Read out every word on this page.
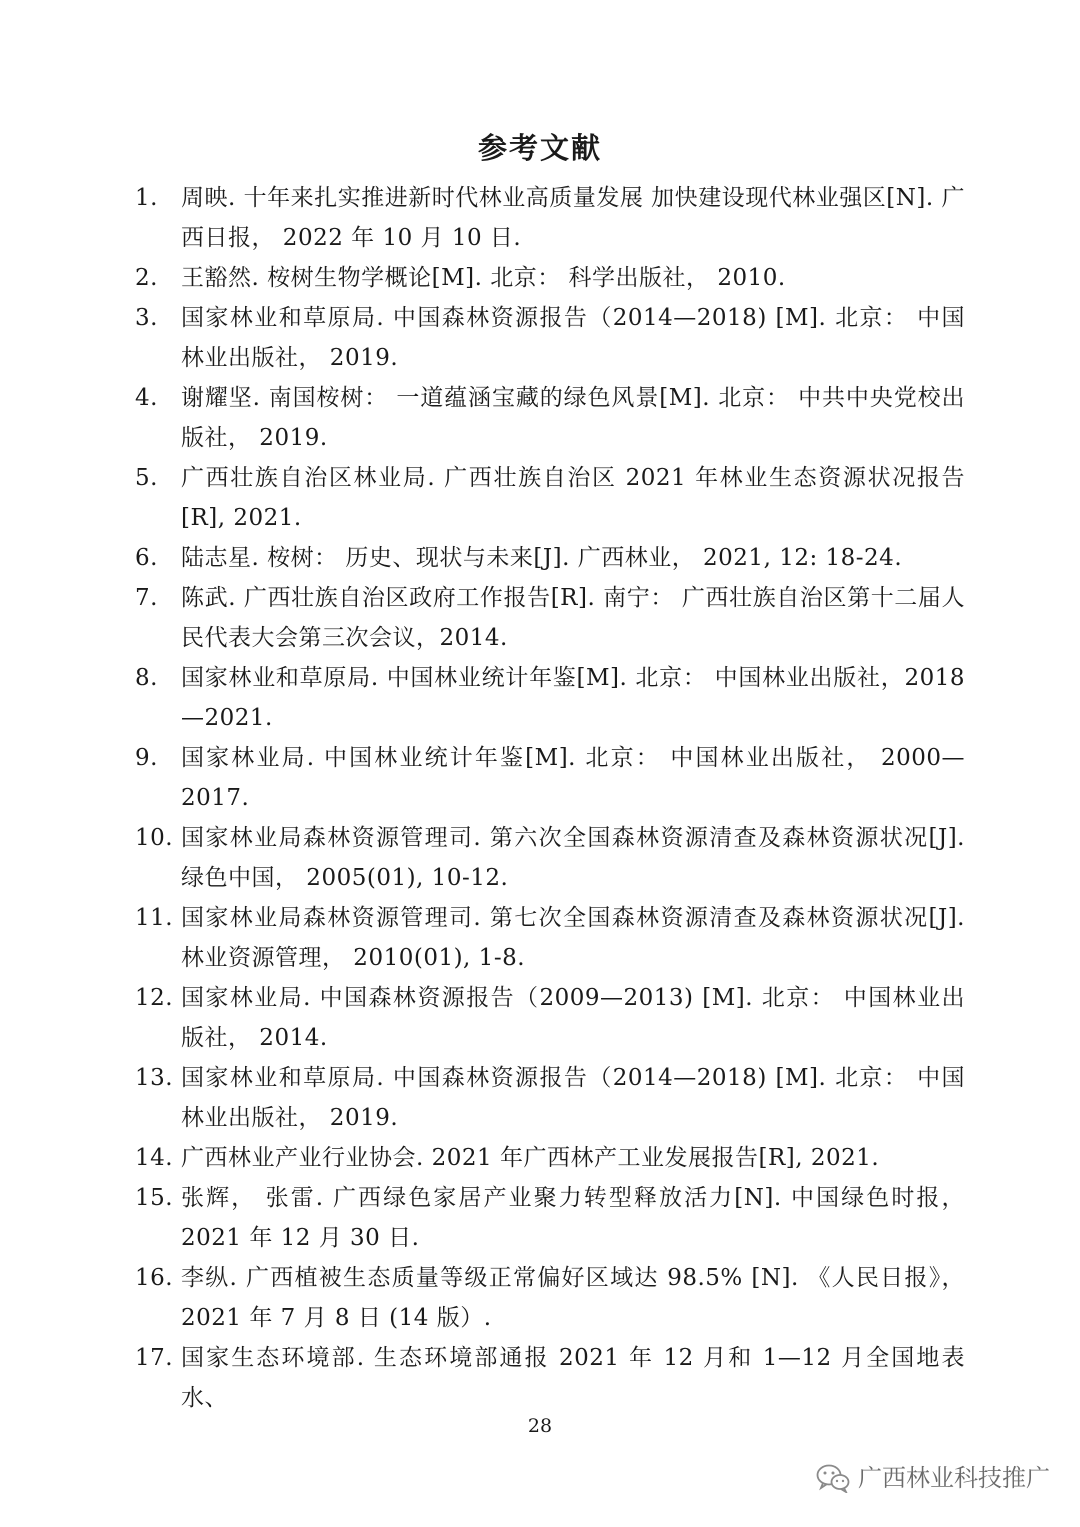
参考文献
1.	周映. 十年来扎实推进新时代林业高质量发展 加快建设现代林业强区[N]. 广西日报， 2022 年 10 月 10 日.
2.	王豁然. 桉树生物学概论[M]. 北京： 科学出版社， 2010.
3.	国家林业和草原局. 中国森林资源报告（2014—2018) [M]. 北京： 中国林业出版社， 2019.
4.	谢耀坚. 南国桉树： 一道蕴涵宝藏的绿色风景[M]. 北京： 中共中央党校出版社， 2019.
5.	广西壮族自治区林业局. 广西壮族自治区 2021 年林业生态资源状况报告[R], 2021.
6.	陆志星. 桉树： 历史、现状与未来[J]. 广西林业， 2021, 12: 18-24.
7.	陈武. 广西壮族自治区政府工作报告[R]. 南宁： 广西壮族自治区第十二届人民代表大会第三次会议，2014.
8.	国家林业和草原局. 中国林业统计年鉴[M]. 北京： 中国林业出版社，2018—2021.
9.	国家林业局. 中国林业统计年鉴[M]. 北京： 中国林业出版社， 2000—2017.
10. 国家林业局森林资源管理司. 第六次全国森林资源清查及森林资源状况[J]. 绿色中国， 2005(01), 10-12.
11. 国家林业局森林资源管理司. 第七次全国森林资源清查及森林资源状况[J]. 林业资源管理， 2010(01), 1-8.
12. 国家林业局. 中国森林资源报告（2009—2013) [M]. 北京： 中国林业出版社， 2014.
13. 国家林业和草原局. 中国森林资源报告（2014—2018) [M]. 北京： 中国林业出版社， 2019.
14. 广西林业产业行业协会. 2021 年广西林产工业发展报告[R], 2021.
15. 张辉， 张雷. 广西绿色家居产业聚力转型释放活力[N]. 中国绿色时报，2021 年 12 月 30 日.
16. 李纵. 广西植被生态质量等级正常偏好区域达 98.5% [N]. 《人民日报》，2021 年 7 月 8 日 (14 版）.
17. 国家生态环境部. 生态环境部通报 2021 年 12 月和 1—12 月全国地表水、
28
广西林业科技推广
